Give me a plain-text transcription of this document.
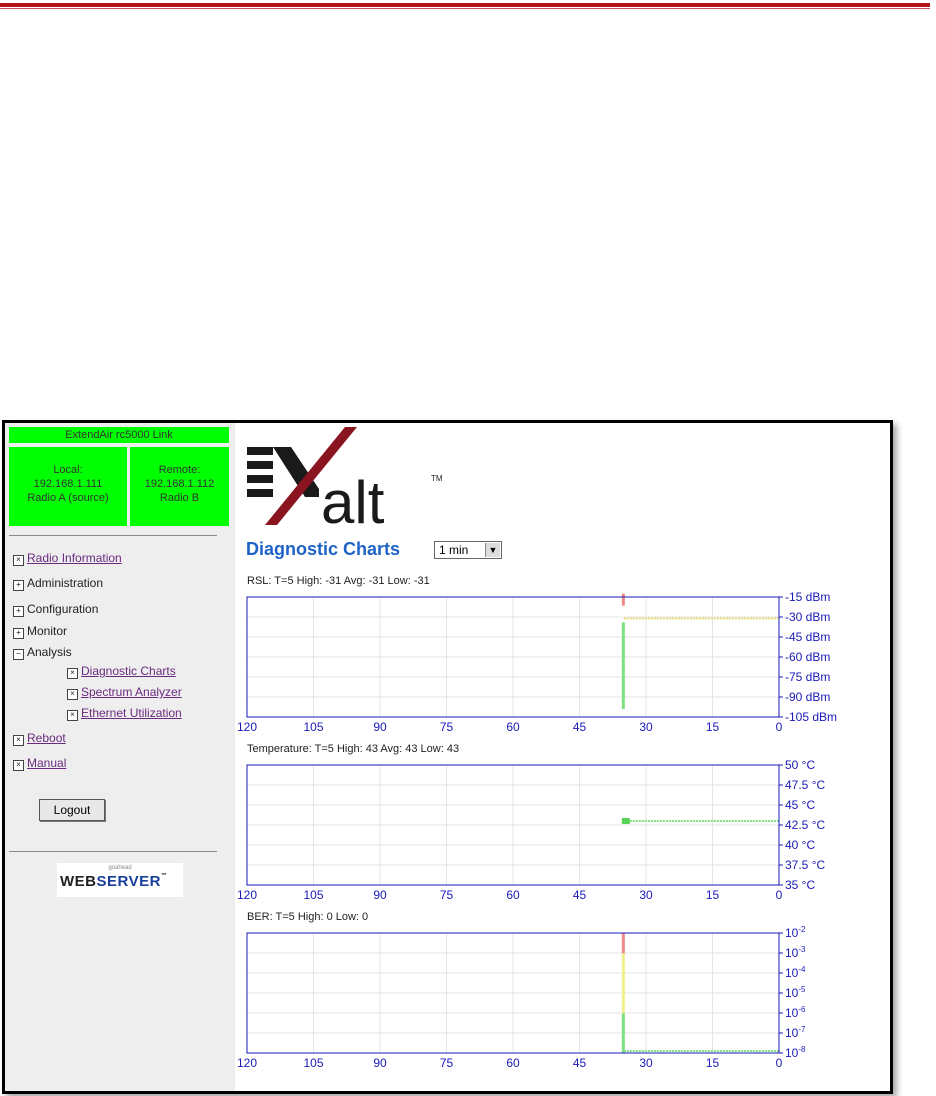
ExtendAir rc5000 Link
Local:
192.168.1.111
Radio A (source)
Remote:
192.168.1.112
Radio B
× Radio Information
+ Administration
+ Configuration
+ Monitor
− Analysis
× Diagnostic Charts
× Spectrum Analyzer
× Ethernet Utilization
× Reboot
× Manual
Logout
goahead
WEBSERVER™
alt	TM
Diagnostic Charts	1 min	▼
RSL: T=5 High: -31 Avg: -31 Low: -31
-15 dBm
-30 dBm
-45 dBm
-60 dBm
-75 dBm
-90 dBm
-105 dBm
120	105	90	75	60	45	30	15	0
Temperature: T=5 High: 43 Avg: 43 Low: 43
50 °C
47.5 °C
45 °C
42.5 °C
40 °C
37.5 °C
35 °C
120	105	90	75	60	45	30	15	0
BER: T=5 High: 0 Low: 0
$10^{-2}$
$10^{-3}$
$10^{-4}$
$10^{-5}$
$10^{-6}$
$10^{-7}$
$10^{-8}$
120	105	90	75	60	45	30	15	0
